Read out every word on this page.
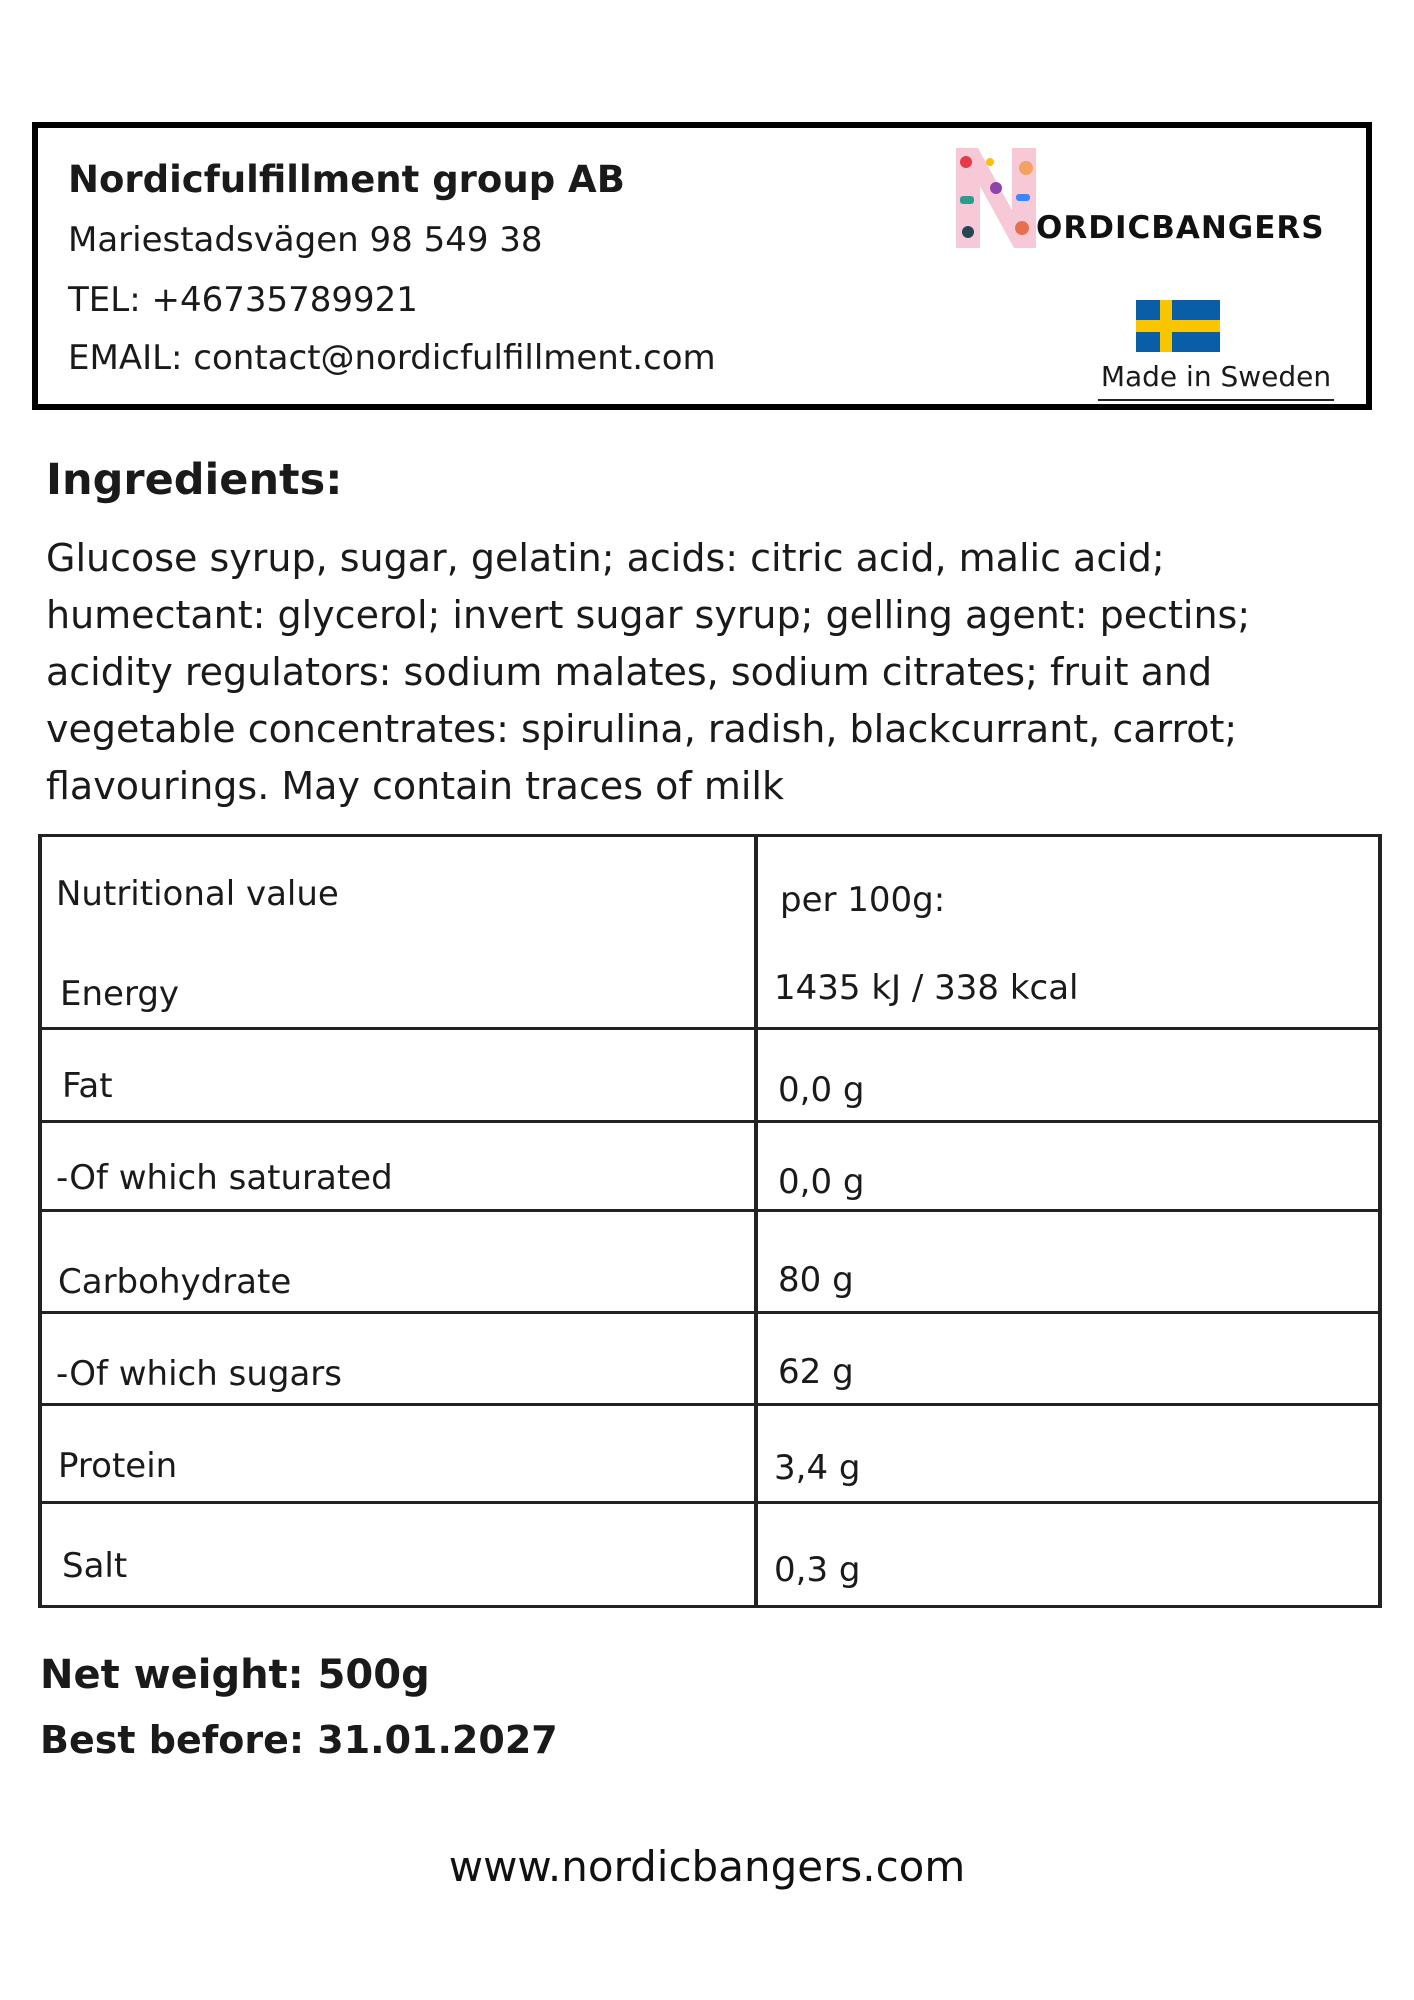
Nordicfulfillment group AB
Mariestadsvägen 98 549 38
TEL: +46735789921
EMAIL: contact@nordicfulfillment.com
ORDICBANGERS
Made in Sweden
Ingredients:
Glucose syrup, sugar, gelatin; acids: citric acid, malic acid; humectant: glycerol; invert sugar syrup; gelling agent: pectins; acidity regulators: sodium malates, sodium citrates; fruit and vegetable concentrates: spirulina, radish, blackcurrant, carrot; flavourings. May contain traces of milk
Nutritional value	per 100g:
Energy	1435 kJ / 338 kcal
Fat	0,0 g
-Of which saturated	0,0 g
Carbohydrate	80 g
-Of which sugars	62 g
Protein	3,4 g
Salt	0,3 g
Net weight: 500g
Best before: 31.01.2027
www.nordicbangers.com
